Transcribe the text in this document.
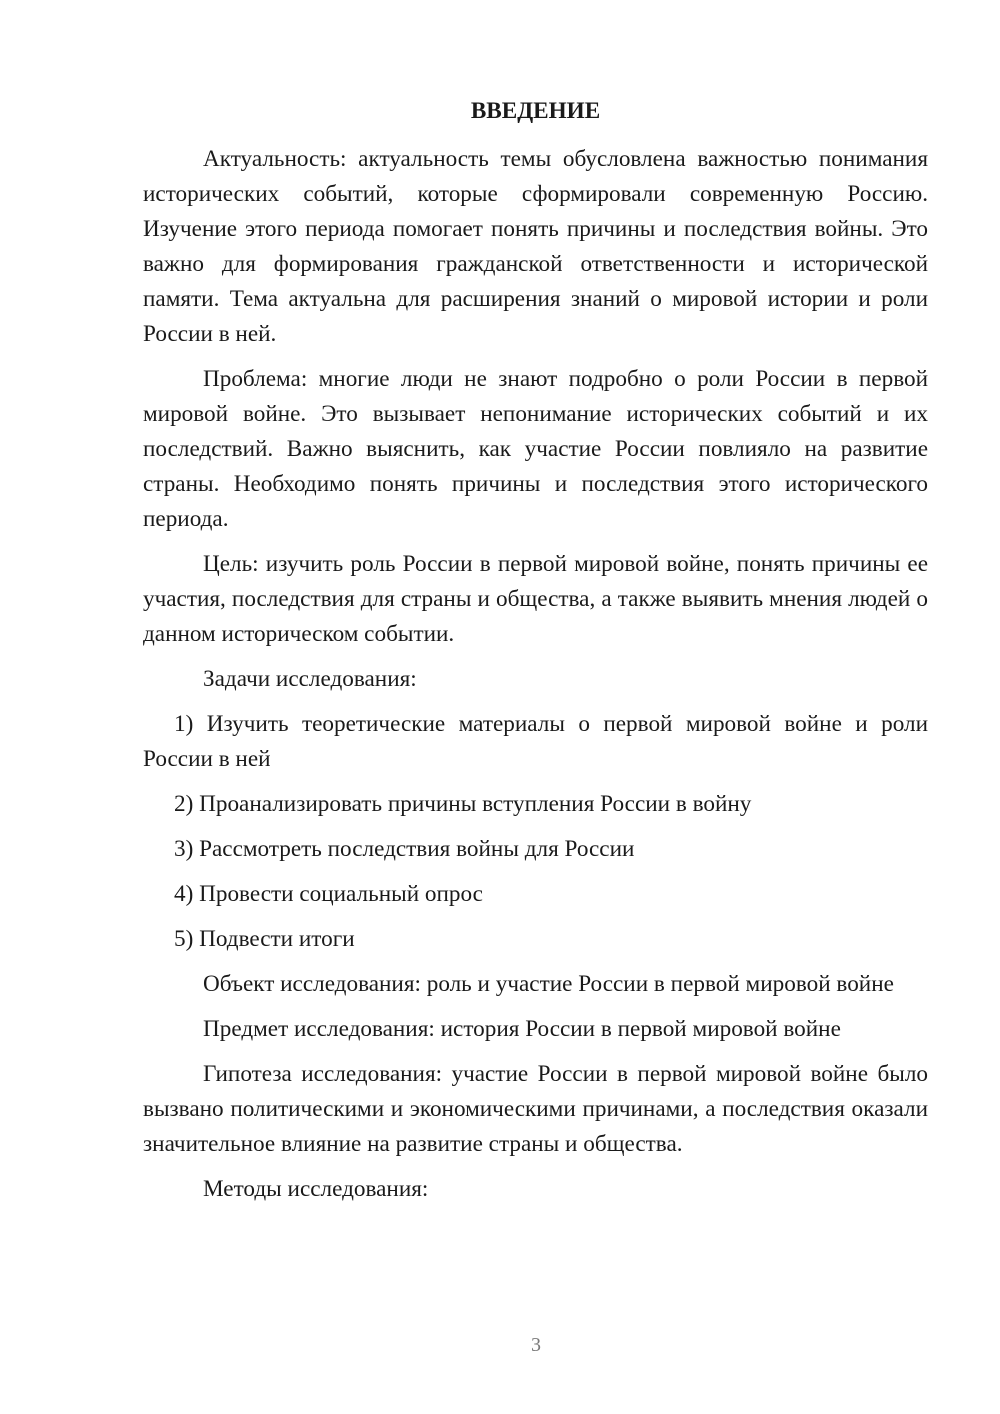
ВВЕДЕНИЕ

Актуальность: актуальность темы обусловлена важностью понимания исторических событий, которые сформировали современную Россию. Изучение этого периода помогает понять причины и последствия войны. Это важно для формирования гражданской ответственности и исторической памяти. Тема актуальна для расширения знаний о мировой истории и роли России в ней.

Проблема: многие люди не знают подробно о роли России в первой мировой войне. Это вызывает непонимание исторических событий и их последствий. Важно выяснить, как участие России повлияло на развитие страны. Необходимо понять причины и последствия этого исторического периода.

Цель: изучить роль России в первой мировой войне, понять причины ее участия, последствия для страны и общества, а также выявить мнения людей о данном историческом событии.

Задачи исследования:

1) Изучить теоретические материалы о первой мировой войне и роли России в ней
2) Проанализировать причины вступления России в войну
3) Рассмотреть последствия войны для России
4) Провести социальный опрос
5) Подвести итоги

Объект исследования: роль и участие России в первой мировой войне

Предмет исследования: история России в первой мировой войне

Гипотеза исследования: участие России в первой мировой войне было вызвано политическими и экономическими причинами, а последствия оказали значительное влияние на развитие страны и общества.

Методы исследования:

3
